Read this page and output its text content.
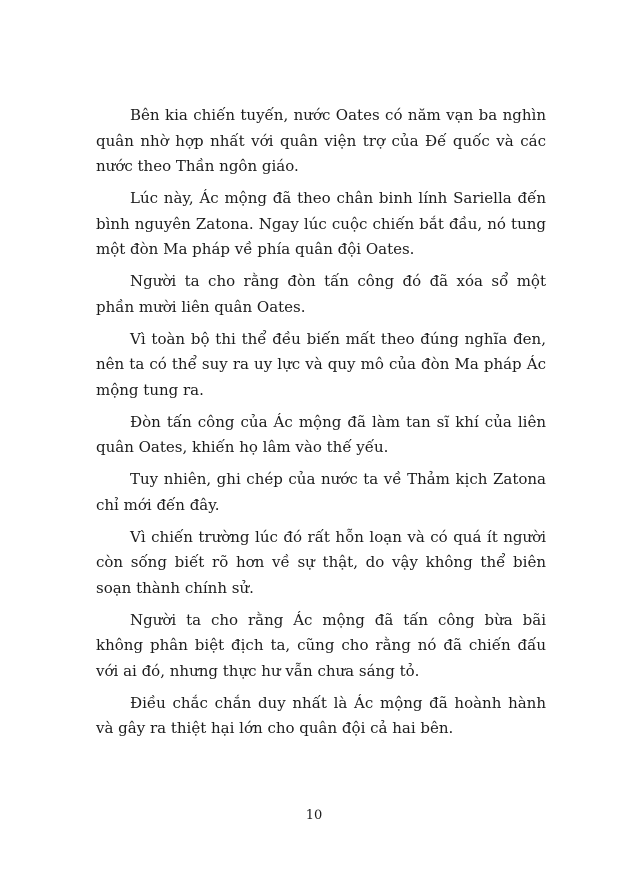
Bên kia chiến tuyến, nước Oates có năm vạn ba nghìn quân nhờ hợp nhất với quân viện trợ của Đế quốc và các nước theo Thần ngôn giáo.

Lúc này, Ác mộng đã theo chân binh lính Sariella đến bình nguyên Zatona. Ngay lúc cuộc chiến bắt đầu, nó tung một đòn Ma pháp về phía quân đội Oates.

Người ta cho rằng đòn tấn công đó đã xóa sổ một phần mười liên quân Oates.

Vì toàn bộ thi thể đều biến mất theo đúng nghĩa đen, nên ta có thể suy ra uy lực và quy mô của đòn Ma pháp Ác mộng tung ra.

Đòn tấn công của Ác mộng đã làm tan sĩ khí của liên quân Oates, khiến họ lâm vào thế yếu.

Tuy nhiên, ghi chép của nước ta về Thảm kịch Zatona chỉ mới đến đây.

Vì chiến trường lúc đó rất hỗn loạn và có quá ít người còn sống biết rõ hơn về sự thật, do vậy không thể biên soạn thành chính sử.

Người ta cho rằng Ác mộng đã tấn công bừa bãi không phân biệt địch ta, cũng cho rằng nó đã chiến đấu với ai đó, nhưng thực hư vẫn chưa sáng tỏ.

Điều chắc chắn duy nhất là Ác mộng đã hoành hành và gây ra thiệt hại lớn cho quân đội cả hai bên.

10
